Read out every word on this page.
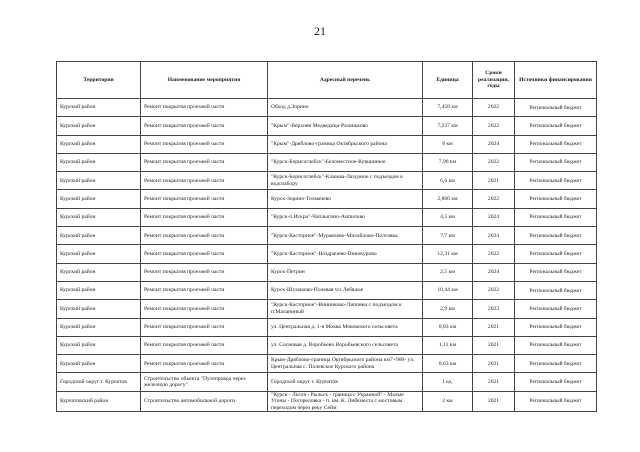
21
Территория	Наименование мероприятия	Адресный перечень	Единица	Сроки реализации, годы	Источники финансирования
Курский район	Ремонт покрытия проезжей части	Обход д.Зорино	7,458 км	2022	Региональный бюджет
Курский район	Ремонт покрытия проезжей части	"Крым"-Верхняя Медведица-Разиньково	7,237 км	2022	Региональный бюджет
Курский район	Ремонт покрытия проезжей части	"Крым"-Дряблово-граница Октябрьского района	8 км	2024	Региональный бюджет
Курский район	Ремонт покрытия проезжей части	"Курск-Борисоглебск"-Беломестное-Кувшинное	7,96 км	2022	Региональный бюджет
Курский район	Ремонт покрытия проезжей части	"Курск-Борисоглебск"-Клюква-Лазурное с подъездом к водозабору	6,6 км	2021	Региональный бюджет
Курский район	Ремонт покрытия проезжей части	Курск-Зорино-Толмачево	2,860 км	2022	Региональный бюджет
Курский район	Ремонт покрытия проезжей части	"Курск-п.Искра"-Чаплыгино-Анпилово	4,5 км	2024	Региональный бюджет
Курский район	Ремонт покрытия проезжей части	"Курск-Касторное"-Муравлево-Михайлово-Полтавка	7,7 км	2024	Региональный бюджет
Курский район	Ремонт покрытия проезжей части	"Курск-Касторное"-Ноздрачево-Винокурово	12,31 км	2022	Региональный бюджет
Курский район	Ремонт покрытия проезжей части	Курск-Петрин	2,5 км	2024	Региональный бюджет
Курский район	Ремонт покрытия проезжей части	Курск-Шумаково-Полевая ч/з Лебяжье	10,44 км	2022	Региональный бюджет
Курский район	Ремонт покрытия проезжей части	"Курск-Касторное"-Винниково-Липовец с подъездом к п.Маланиный	2,9 км	2023	Региональный бюджет
Курский район	Ремонт покрытия проезжей части	ул. Центральная д. 1-я Моква Моковского сельсовета	0,83 км	2021	Региональный бюджет
Курский район	Ремонт покрытия проезжей части	ул. Сосновая д. Воробьево Воробьевского сельсовета	1,11 км	2021	Региональный бюджет
Курский район	Ремонт покрытия проезжей части	Крым-Дряблово-граница Октябрьского района км7+900- ул. Центральная с. Полевское Курского района	0,63 км	2021	Региональный бюджет
Городской округ г. Курчатов	Строительство объекта "Путепровод через железную дорогу"	Городской округ г. Курчатов	1 ед.	2021	Региональный бюджет
Курчатовский район	Строительство автомобильной дороги	"Курск - Льгов - Рыльск - граница с Украиной" - Малые Угоны - Погореловка - п. им. К. Либкнехта с мостовым переходом через реку Сейм	2 км	2021	Региональный бюджет
